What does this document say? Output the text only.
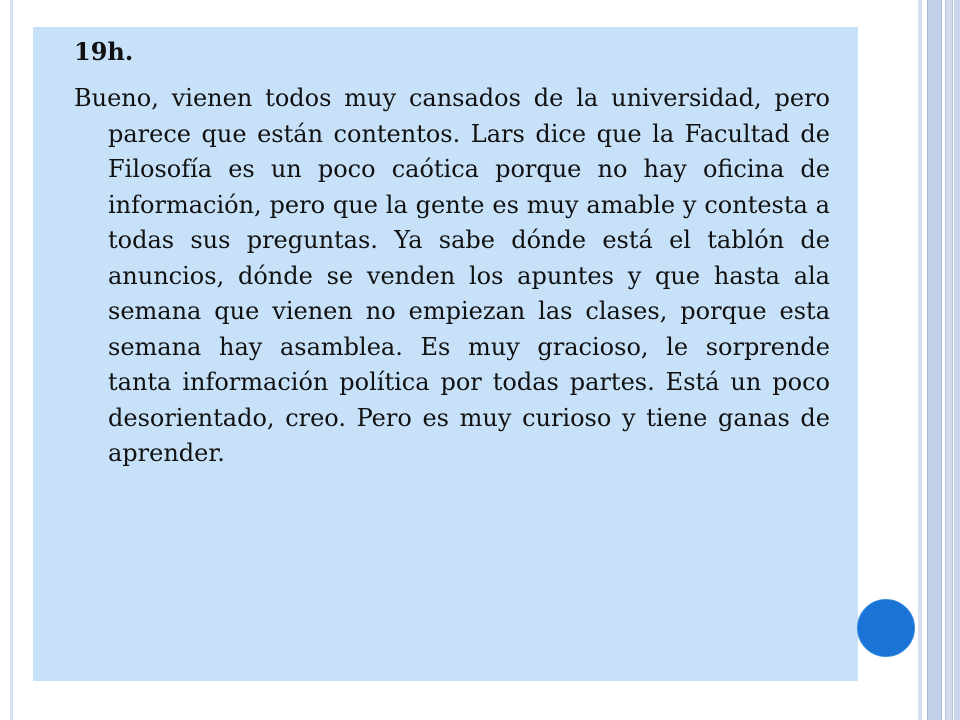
19h.

Bueno, vienen todos muy cansados de la universidad, pero parece que están contentos. Lars dice que la Facultad de Filosofía es un poco caótica porque no hay oficina de información, pero que la gente es muy amable y contesta a todas sus preguntas. Ya sabe dónde está el tablón de anuncios, dónde se venden los apuntes y que hasta ala semana que vienen no empiezan las clases, porque esta semana hay asamblea. Es muy gracioso, le sorprende tanta información política por todas partes. Está un poco desorientado, creo. Pero es muy curioso y tiene ganas de aprender.
